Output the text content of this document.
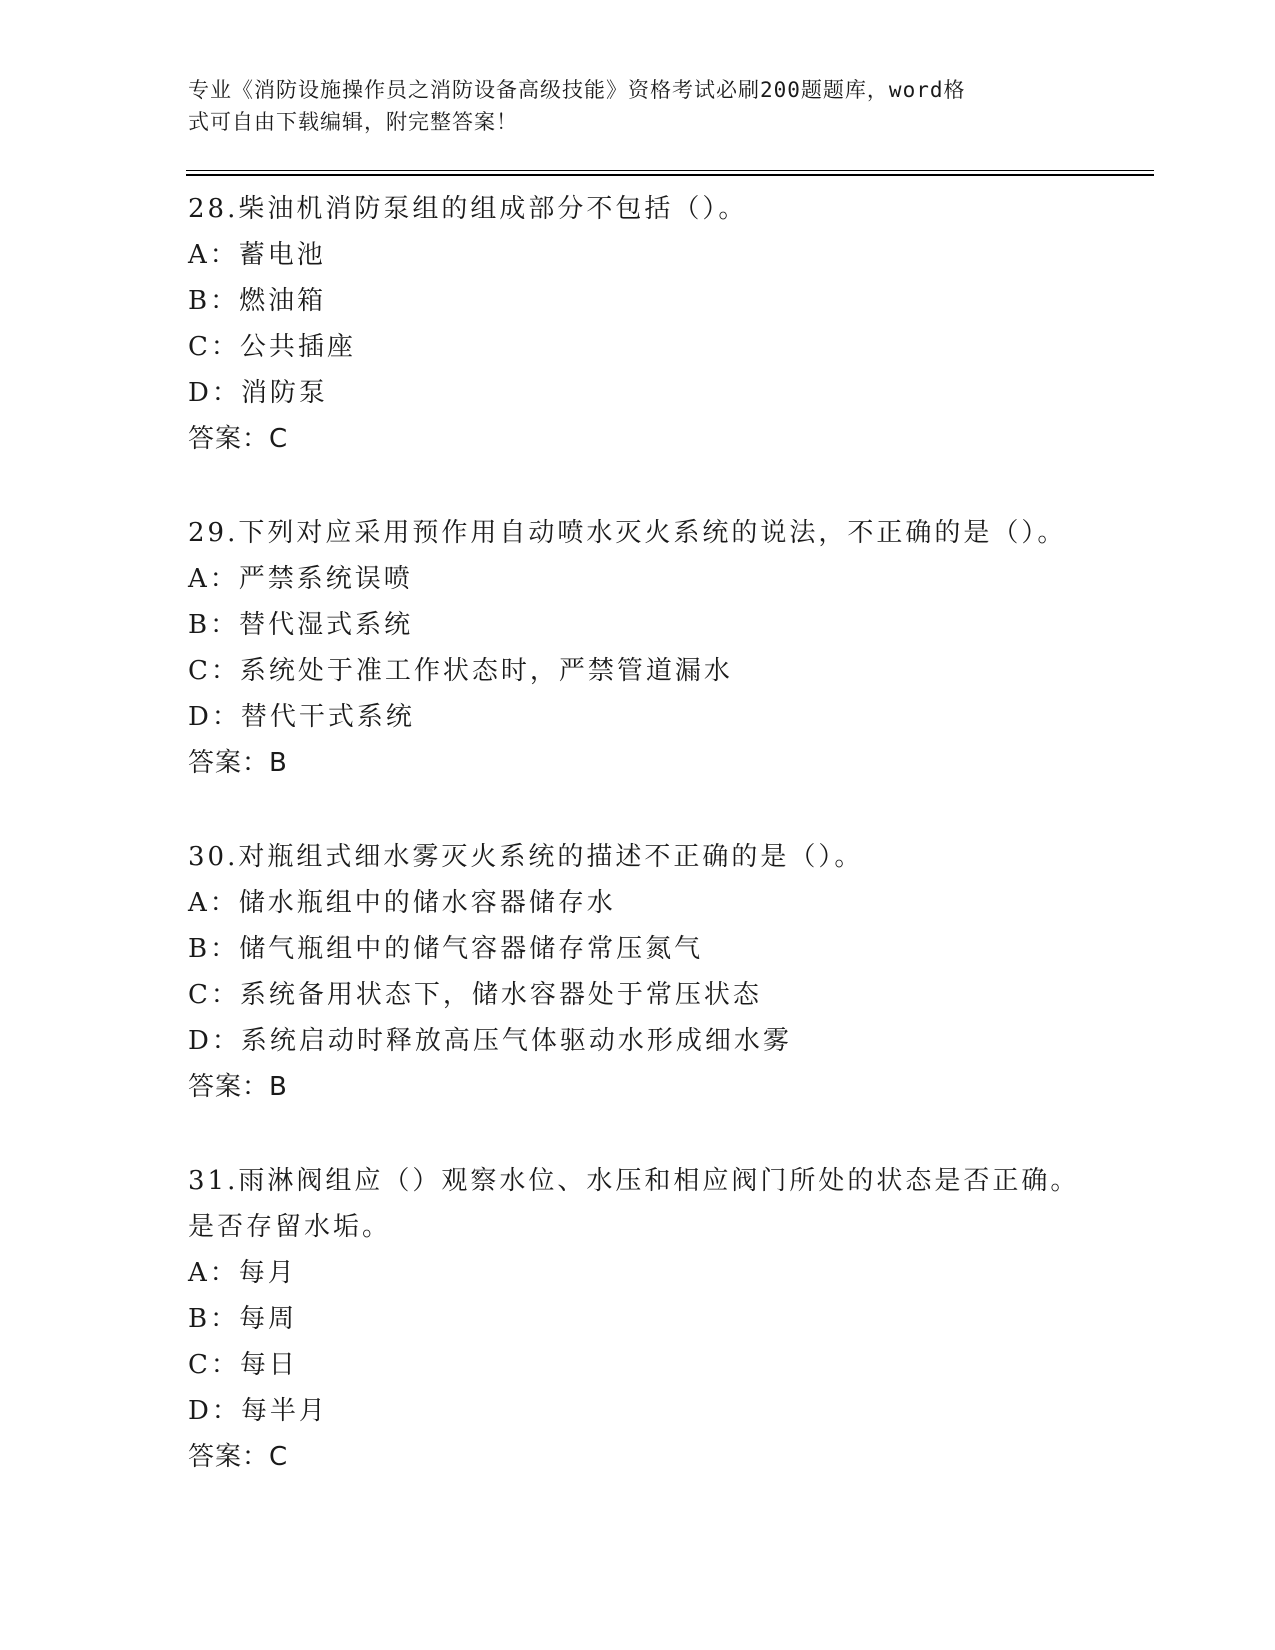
专业《消防设施操作员之消防设备高级技能》资格考试必刷200题题库，word格
式可自由下载编辑，附完整答案！
28.柴油机消防泵组的组成部分不包括（）。
A：蓄电池
B：燃油箱
C：公共插座
D：消防泵
答案：C
29.下列对应采用预作用自动喷水灭火系统的说法，不正确的是（）。
A：严禁系统误喷
B：替代湿式系统
C：系统处于准工作状态时，严禁管道漏水
D：替代干式系统
答案：B
30.对瓶组式细水雾灭火系统的描述不正确的是（）。
A：储水瓶组中的储水容器储存水
B：储气瓶组中的储气容器储存常压氮气
C：系统备用状态下，储水容器处于常压状态
D：系统启动时释放高压气体驱动水形成细水雾
答案：B
31.雨淋阀组应（）观察水位、水压和相应阀门所处的状态是否正确。
是否存留水垢。
A：每月
B：每周
C：每日
D：每半月
答案：C
